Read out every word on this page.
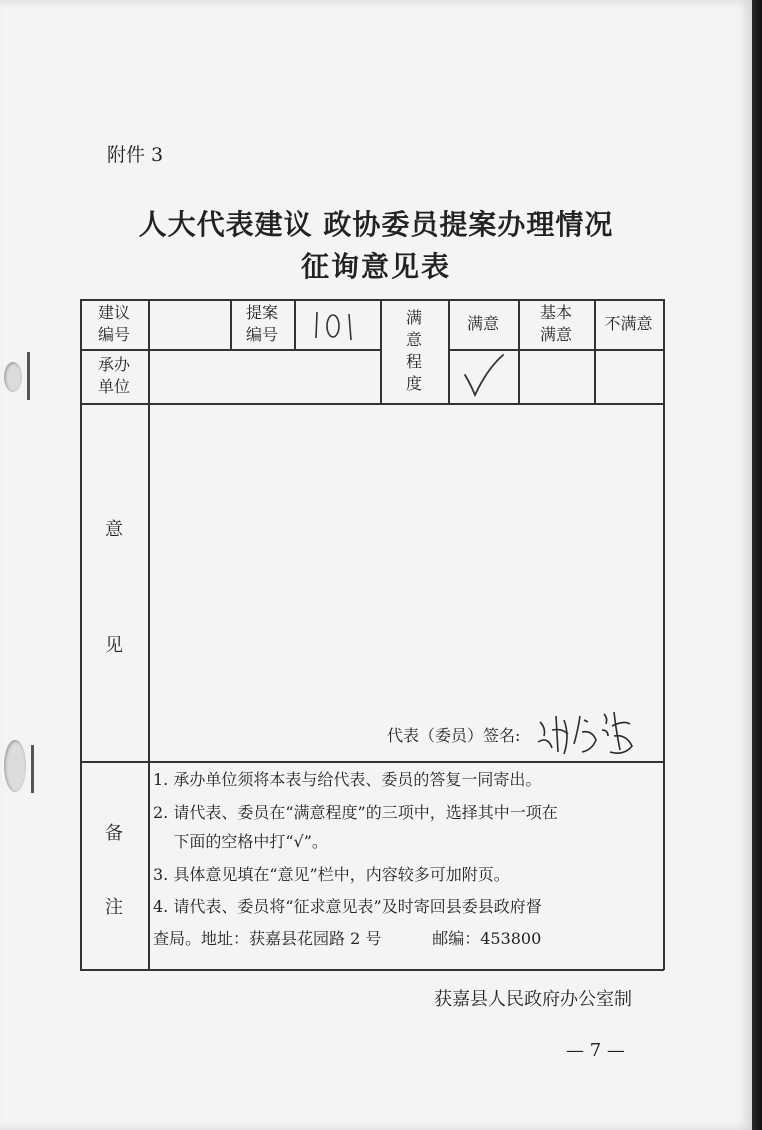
附件 3
人大代表建议 政协委员提案办理情况
征询意见表
建议
编号
提案
编号
满
意
程
度
满意
基本
满意
不满意
承办
单位
意
见
备
注
代表（委员）签名:
1. 承办单位须将本表与给代表、委员的答复一同寄出。
2. 请代表、委员在“满意程度”的三项中，选择其中一项在
下面的空格中打“√”。
3. 具体意见填在“意见”栏中，内容较多可加附页。
4. 请代表、委员将“征求意见表”及时寄回县委县政府督
查局。地址：获嘉县花园路 2 号          邮编：453800
获嘉县人民政府办公室制
— 7 —
